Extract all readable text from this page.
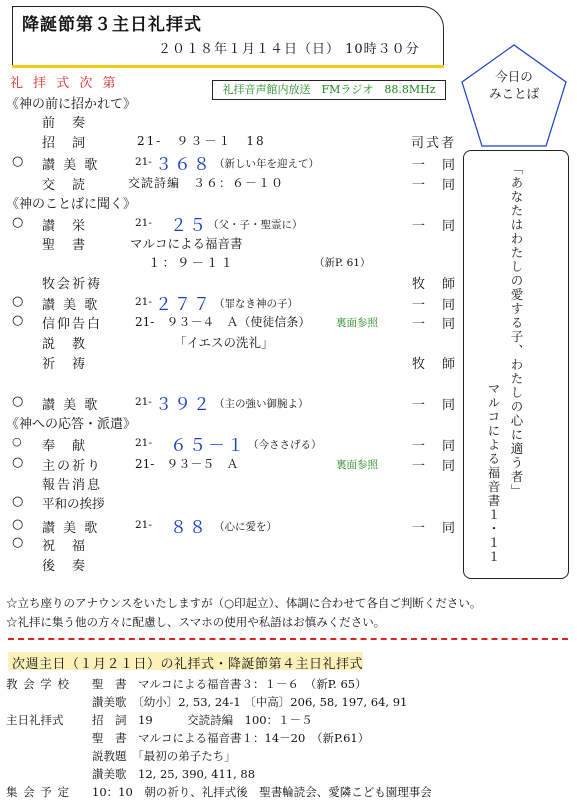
降誕節第３主日礼拝式
２０１８年１月１４日（日） 10時３０分
今日の
みことば
礼拝音声館内放送　FMラジオ　88.8MHz
礼 拝 式 次 第
《神の前に招かれて》
前　奏
招　詞	21-　９３－１　18	司式者
○ 讃 美 歌	21- ３６８ （新しい年を迎えて）	一　同
交　読	交読詩編　３６：６－１０	一　同
《神のことばに聞く》
○ 讃　栄	21- ２５ （父・子・聖霊に）	一　同
聖　書	マルコによる福音書
１：９－１１	（新P. 61）
牧会祈祷	牧　師
○ 讃 美 歌	21- ２７７ （罪なき神の子）	一　同
○ 信仰告白	21-　９３－４　Ａ（使徒信条） 裏面参照	一　同
説　教	「イエスの洗礼」
祈　祷	牧　師
○ 讃 美 歌	21- ３９２ （主の強い御腕よ）	一　同
《神への応答・派遣》
○ 奉　献	21- ６５－１ （今ささげる）	一　同
○ 主の祈り	21-　９３－５　Ａ	裏面参照	一　同
報告消息
○ 平和の挨拶
○ 讃 美 歌	21- ８８ （心に愛を）	一　同
○ 祝　福
後　奏
「あなたはわたしの愛する子、わたしの心に適う者」
マルコによる福音書１・１１
☆立ち座りのアナウンスをいたしますが（○印起立）、体調に合わせて各自ご判断ください。
☆礼拝に集う他の方々に配慮し、スマホの使用や私語はお慎みください。
次週主日（１月２１日）の礼拝式・降誕節第４主日礼拝式
教 会 学 校 聖　書　マルコによる福音書３：１－６　（新P. 65）
讃美歌　〔幼小〕2, 53, 24-1 〔中高〕206, 58, 197, 64, 91
主日礼拝式 招　詞　19　　　交読詩編　100：１－５
聖　書　マルコによる福音書１：14－20　（新P.61）
説教題　「最初の弟子たち」
讃美歌　12, 25, 390, 411, 88
集 会 予 定 10：10　朝の祈り、礼拝式後　聖書輪読会、愛隣こども園理事会
